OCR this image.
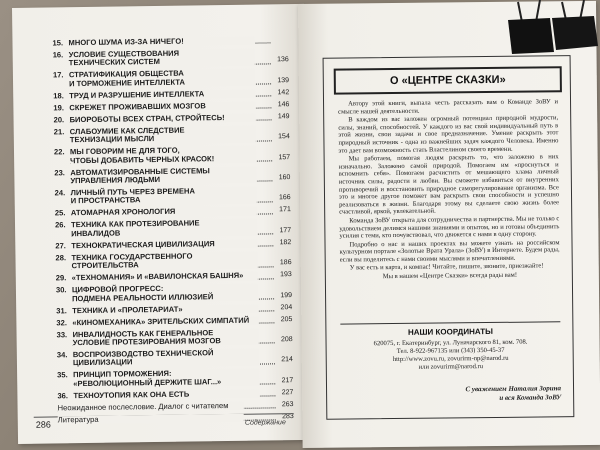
15. МНОГО ШУМА ИЗ-ЗА НИЧЕГО!
16. УСЛОВИЕ СУЩЕСТВОВАНИЯ
ТЕХНИЧЕСКИХ СИСТЕМ	136
17. СТРАТИФИКАЦИЯ ОБЩЕСТВА
И ТОРМОЖЕНИЕ ИНТЕЛЛЕКТА	139
18. ТРУД И РАЗРУШЕНИЕ ИНТЕЛЛЕКТА	142
19. СКРЕЖЕТ ПРОЖИВАВШИХ МОЗГОВ	146
20. БИОРОБОТЫ ВСЕХ СТРАН, СТРОЙТЕСЬ!	149
21. СЛАБОУМИЕ КАК СЛЕДСТВИЕ
ТЕХНИЗАЦИИ МЫСЛИ	154
22. МЫ ГОВОРИМ НЕ ДЛЯ ТОГО,
ЧТОБЫ ДОБАВИТЬ ЧЕРНЫХ КРАСОК!	157
23. АВТОМАТИЗИРОВАННЫЕ СИСТЕМЫ
УПРАВЛЕНИЯ ЛЮДЬМИ	160
24. ЛИЧНЫЙ ПУТЬ ЧЕРЕЗ ВРЕМЕНА
И ПРОСТРАНСТВА	166
25. АТОМАРНАЯ ХРОНОЛОГИЯ	171
26. ТЕХНИКА КАК ПРОТЕЗИРОВАНИЕ
ИНВАЛИДОВ	177
27. ТЕХНОКРАТИЧЕСКАЯ ЦИВИЛИЗАЦИЯ	182
28. ТЕХНИКА ГОСУДАРСТВЕННОГО
СТРОИТЕЛЬСТВА	186
29. «ТЕХНОМАНИЯ» И «ВАВИЛОНСКАЯ БАШНЯ»	193
30. ЦИФРОВОЙ ПРОГРЕСС:
ПОДМЕНА РЕАЛЬНОСТИ ИЛЛЮЗИЕЙ	199
31. ТЕХНИКА И «ПРОЛЕТАРИАТ»	204
32. «КИНОМЕХАНИКА» ЗРИТЕЛЬСКИХ СИМПАТИЙ	205
33. ИНВАЛИДНОСТЬ КАК ГЕНЕРАЛЬНОЕ
УСЛОВИЕ ПРОТЕЗИРОВАНИЯ МОЗГОВ	208
34. ВОСПРОИЗВОДСТВО ТЕХНИЧЕСКОЙ
ЦИВИЛИЗАЦИИ	214
35. ПРИНЦИП ТОРМОЖЕНИЯ:
«РЕВОЛЮЦИОННЫЙ ДЕРЖИТЕ ШАГ...»	217
36. ТЕХНОУТОПИЯ КАК ОНА ЕСТЬ	227
Неожиданное послесловие. Диалог с читателем	263
Литература	283
286	Содержание
О «ЦЕНТРЕ СКАЗКИ»

Автору этой книги, выпала честь рассказать вам о Команде ЗоВУ и смысле нашей деятельности.

В каждом из вас заложен огромный потенциал природной мудрости, силы, знаний, способностей. У каждого из вас свой индивидуальный путь в этой жизни, свои задачи и свое предназначение. Умение раскрыть этот природный источник - одна из важнейших задач каждого Человека. Именно это дает вам возможность стать Властелином своего времени.

Мы работаем, помогая людям раскрыть то, что заложено в них изначально. Заложено самой природой. Помогаем им «проснуться и вспомнить себя». Помогаем расчистить от мешающего хлама личный источник силы, радости и любви. Вы сможете избавиться от внутренних противоречий и восстановить природное саморегулирование организма. Все это и многое другое поможет вам раскрыть свои способности и успешно реализоваться в жизни. Благодаря этому вы сделаете свою жизнь более счастливой, яркой, увлекательной.

Команда ЗоВУ открыта для сотрудничества и партнерства. Мы не только с удовольствием делимся нашими знаниями и опытом, но и готовы объединить усилия с теми, кто почувствовал, что движется с нами в одну сторону.

Подробно о нас и наших проектах вы можете узнать на российском культурном портале «Золотые Врата Урала» (ЗоВУ) в Интернете. Будем рады, если вы поделитесь с нами своими мыслями и впечатлениями.

У вас есть и карта, и компас! Читайте, пишите, звоните, приезжайте!

Мы в нашем «Центре Сказки» всегда рады вам!

НАШИ КООРДИНАТЫ
620075, г. Екатеринбург, ул. Луначарского 81, ком. 708.
Тел. 8-922-967135 или (343) 350-45-37
http://www.zovu.ru, zovurirm-np@narod.ru
или zovurirm@narod.ru
С уважением Наталия Зорина
и вся Команда ЗоВУ
